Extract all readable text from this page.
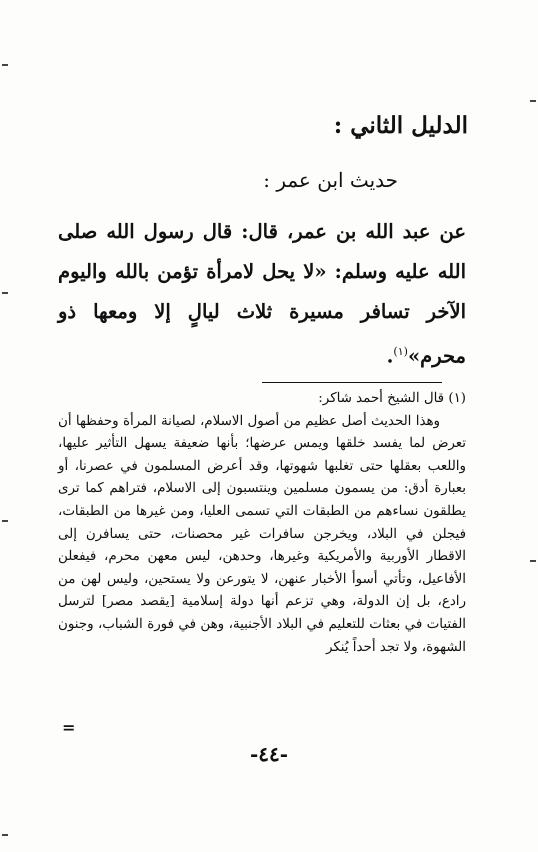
الدليل الثاني :
حديث ابن عمر :
عن عبد الله بن عمر، قال: قال رسول الله صلى الله عليه وسلم: «لا يحل لامرأة تؤمن بالله واليوم الآخر تسافر مسيرة ثلاث ليالٍ إلا ومعها ذو محرم»$^{(١)}$.

(١) قال الشيخ أحمد شاكر:

وهذا الحديث أصل عظيم من أصول الاسلام، لصيانة المرأة وحفظها أن تعرض لما يفسد خلقها ويمس عرضها؛ بأنها ضعيفة يسهل التأثير عليها، واللعب بعقلها حتى تغلبها شهوتها، وقد أعرض المسلمون في عصرنا، أو بعبارة أدق: من يسمون مسلمين وينتسبون إلى الاسلام، فتراهم كما ترى يطلقون نساءهم من الطبقات التي تسمى العليا، ومن غيرها من الطبقات، فيجلن في البلاد، ويخرجن سافرات غير محصنات، حتى يسافرن إلى الاقطار الأوربية والأمريكية وغيرها، وحدهن، ليس معهن محرم، فيفعلن الأفاعيل، وتأتي أسوأ الأخبار عنهن، لا يتورعن ولا يستحين، وليس لهن من رادع، بل إن الدولة، وهي تزعم أنها دولة إسلامية [يقصد مصر] لترسل الفتيات في بعثات للتعليم في البلاد الأجنبية، وهن في فورة الشباب، وجنون الشهوة، ولا تجد أحداً يُنكر

=
-٤٤-
